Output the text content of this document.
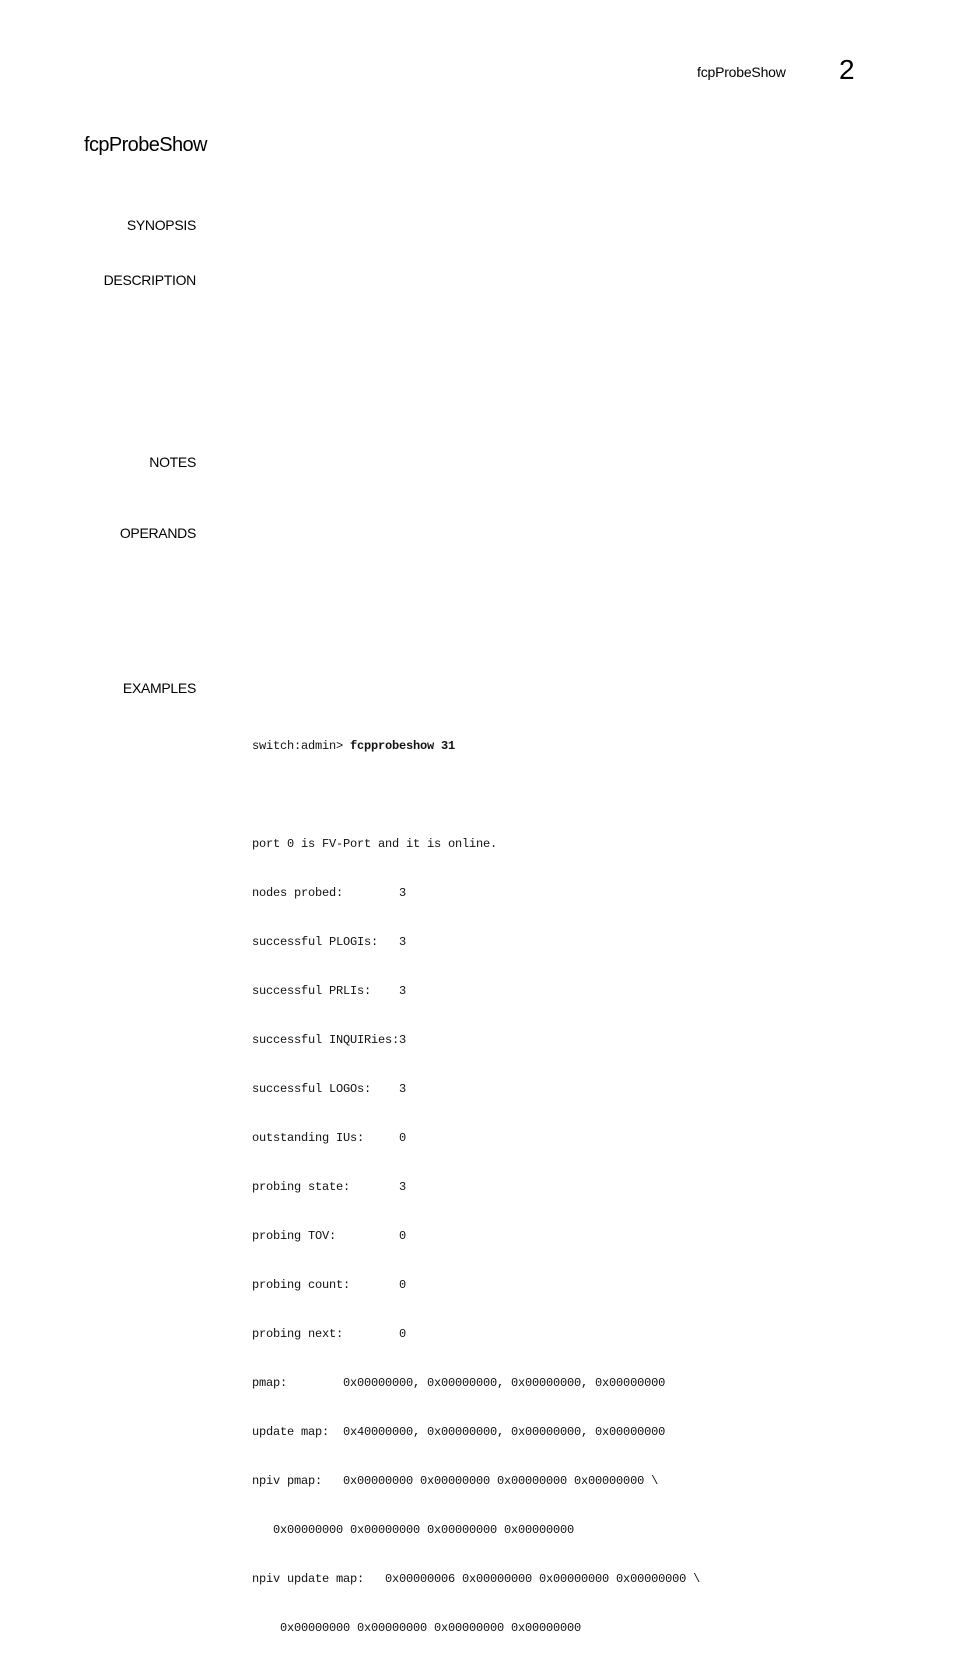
fcpProbeShow 2
fcpProbeShow
SYNOPSIS
DESCRIPTION
NOTES
OPERANDS
EXAMPLES

switch:admin> fcpprobeshow 31

port 0 is FV-Port and it is online.

nodes probed:        3

successful PLOGIs:   3

successful PRLIs:    3

successful INQUIRies:3

successful LOGOs:    3

outstanding IUs:     0

probing state:       3

probing TOV:         0

probing count:       0

probing next:        0

pmap:        0x00000000, 0x00000000, 0x00000000, 0x00000000

update map:  0x40000000, 0x00000000, 0x00000000, 0x00000000

npiv pmap:   0x00000000 0x00000000 0x00000000 0x00000000 \

0x00000000 0x00000000 0x00000000 0x00000000

npiv update map:   0x00000006 0x00000000 0x00000000 0x00000000 \

0x00000000 0x00000000 0x00000000 0x00000000
